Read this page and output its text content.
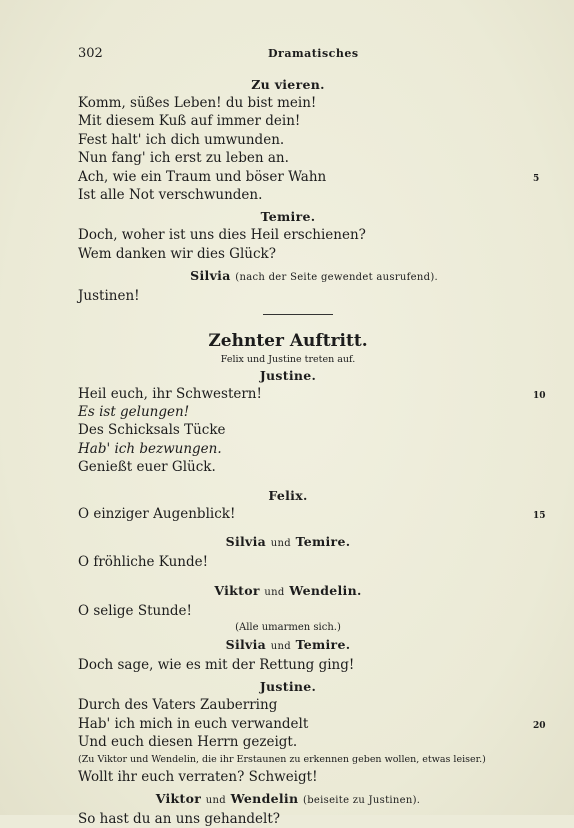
302	Dramatisches
Zu vieren.
Komm, süßes Leben! du bist mein!
Mit diesem Kuß auf immer dein!
Fest halt' ich dich umwunden.
Nun fang' ich erst zu leben an.
Ach, wie ein Traum und böser Wahn	5
Ist alle Not verschwunden.
Temire.
Doch, woher ist uns dies Heil erschienen?
Wem danken wir dies Glück?
Silvia (nach der Seite gewendet ausrufend).
Justinen!
Zehnter Auftritt.
Felix und Justine treten auf.
Justine.
Heil euch, ihr Schwestern!	10
Es ist gelungen!
Des Schicksals Tücke
Hab' ich bezwungen.
Genießt euer Glück.
Felix.
O einziger Augenblick!	15
Silvia und Temire.
O fröhliche Kunde!
Viktor und Wendelin.
O selige Stunde!
(Alle umarmen sich.)
Silvia und Temire.
Doch sage, wie es mit der Rettung ging!
Justine.
Durch des Vaters Zauberring
Hab' ich mich in euch verwandelt	20
Und euch diesen Herrn gezeigt.
(Zu Viktor und Wendelin, die ihr Erstaunen zu erkennen geben wollen, etwas leiser.)
Wollt ihr euch verraten? Schweigt!
Viktor und Wendelin (beiseite zu Justinen).
So hast du an uns gehandelt?
